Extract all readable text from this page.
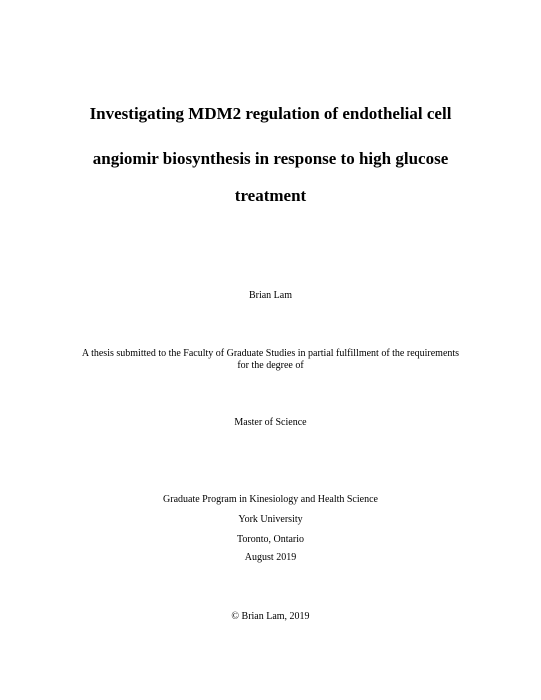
Investigating MDM2 regulation of endothelial cell
angiomir biosynthesis in response to high glucose
treatment

Brian Lam

A thesis submitted to the Faculty of Graduate Studies in partial fulfillment of the requirements

for the degree of

Master of Science

Graduate Program in Kinesiology and Health Science

York University

Toronto, Ontario

August 2019

© Brian Lam, 2019
